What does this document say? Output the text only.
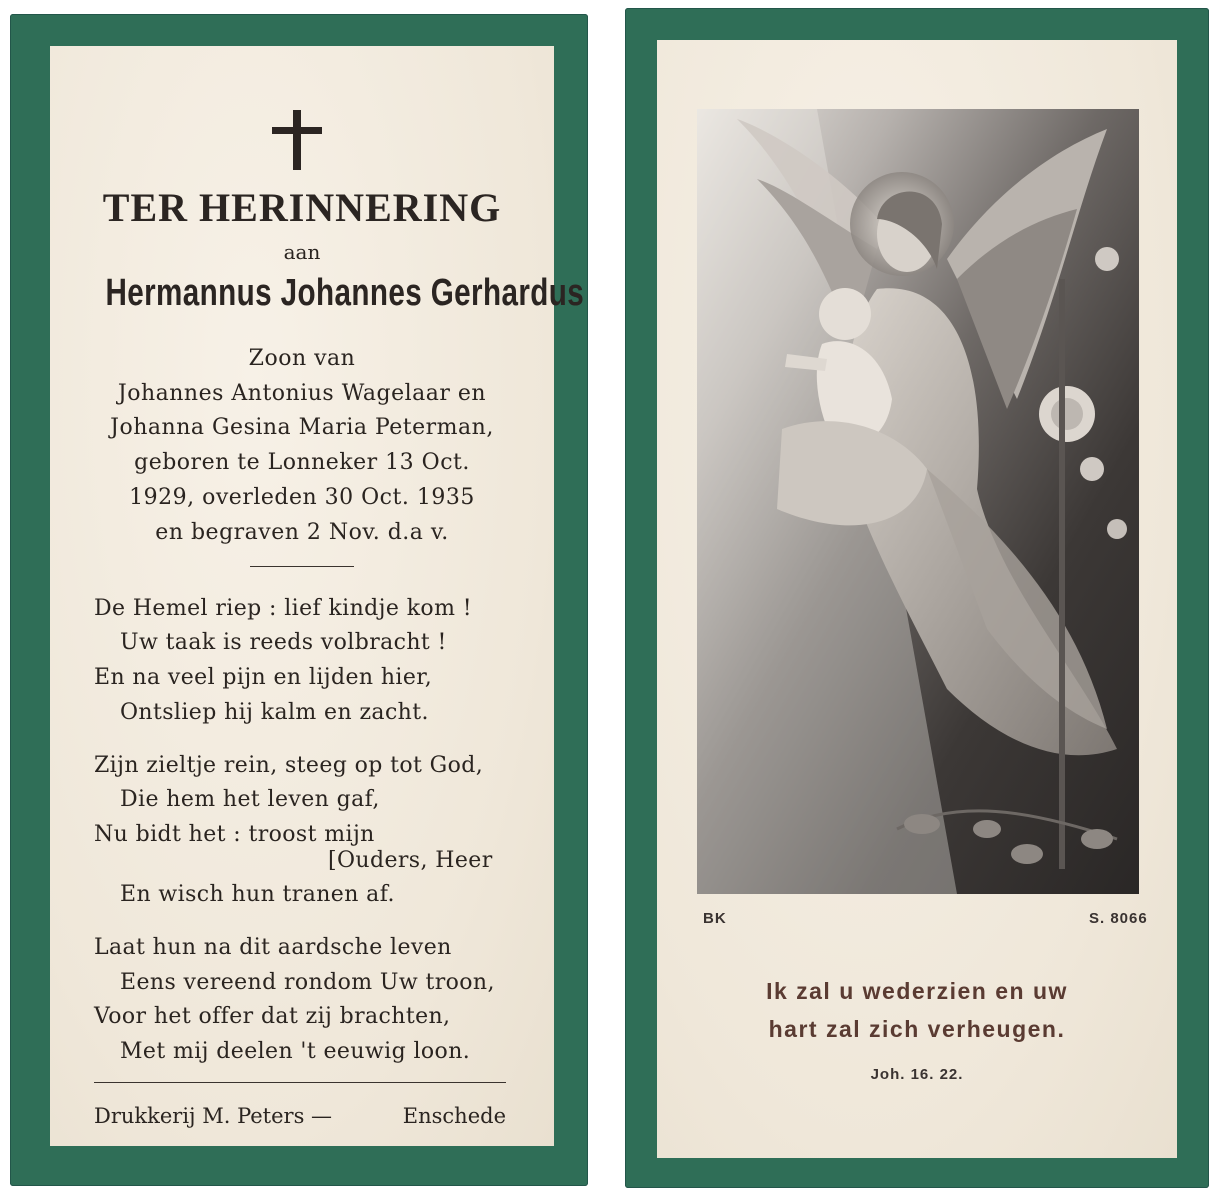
TER HERINNERING
aan
Hermannus Johannes Gerhardus
Zoon van
Johannes Antonius Wagelaar en
Johanna Gesina Maria Peterman,
geboren te Lonneker 13 Oct.
1929, overleden 30 Oct. 1935
en begraven 2 Nov. d.a v.
De Hemel riep : lief kindje kom !
Uw taak is reeds volbracht !
En na veel pijn en lijden hier,
Ontsliep hij kalm en zacht.
Zijn zieltje rein, steeg op tot God,
Die hem het leven gaf,
Nu bidt het : troost mijn
[Ouders, Heer
En wisch hun tranen af.
Laat hun na dit aardsche leven
Eens vereend rondom Uw troon,
Voor het offer dat zij brachten,
Met mij deelen 't eeuwig loon.
Drukkerij M. Peters —	Enschede
BK	S. 8066
Ik zal u wederzien en uw
hart zal zich verheugen.
Joh. 16. 22.
